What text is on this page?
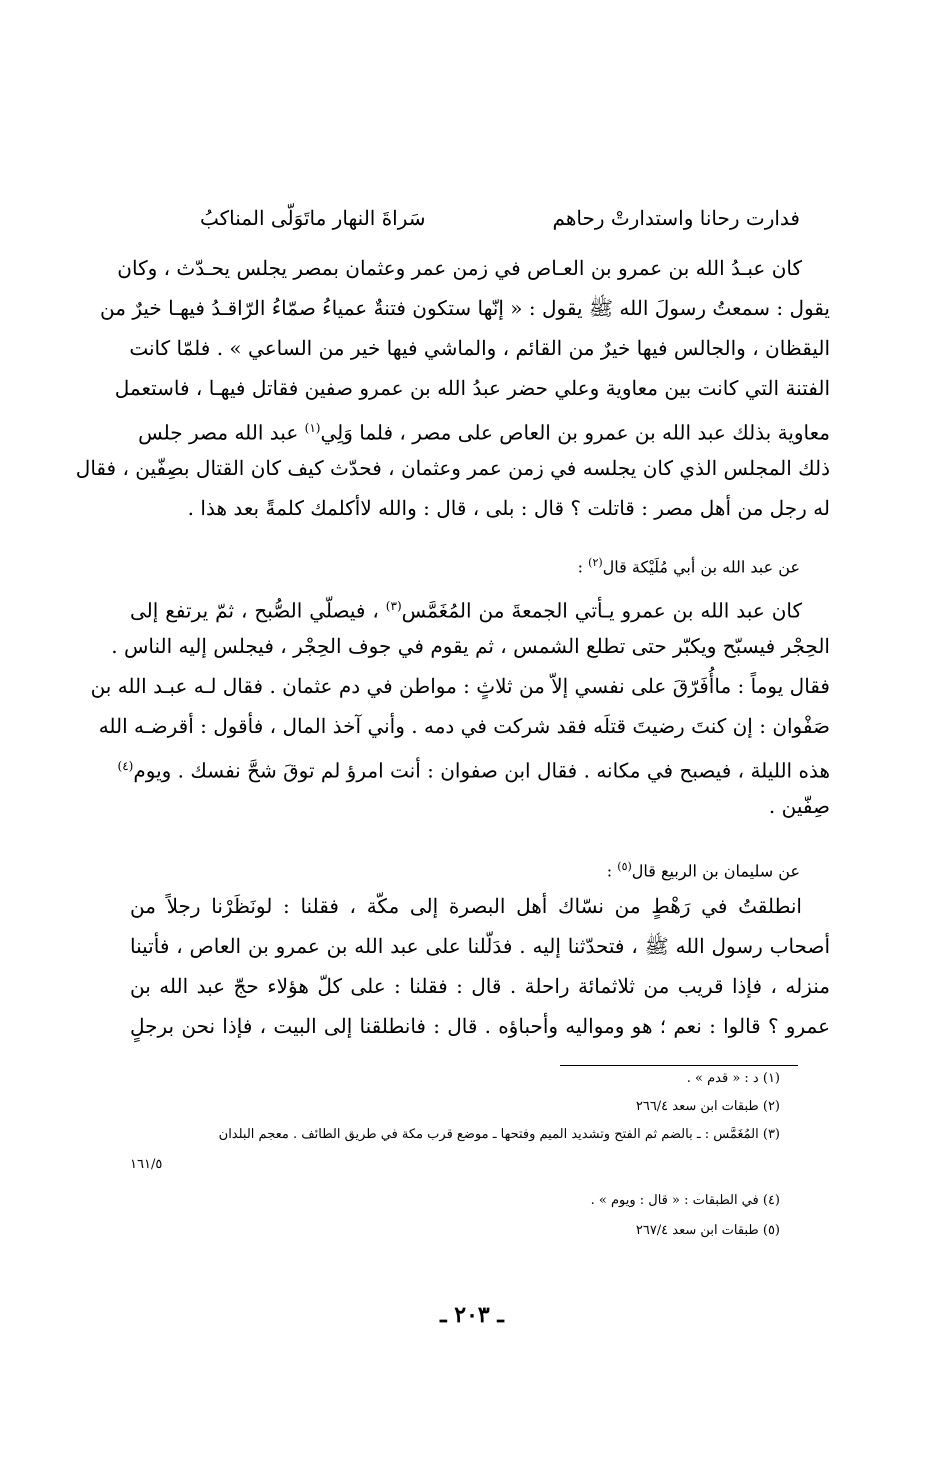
فدارت رحانا واستدارتْ رحاهم
سَراةَ النهار ماتَوَلّى المناكبُ
كان عبـدُ الله بن عمرو بن العـاص في زمن عمر وعثمان بمصر يجلس يحـدّث ، وكان
يقول : سمعتُ رسولَ الله ﷺ يقول : « إنّها ستكون فتنةٌ عمياءُ صمّاءُ الرّاقـدُ فيهـا خيرٌ من
اليقظان ، والجالس فيها خيرٌ من القائم ، والماشي فيها خير من الساعي » . فلمّا كانت
الفتنة التي كانت بين معاوية وعلي حضر عبدُ الله بن عمرو صفين فقاتل فيهـا ، فاستعمل
معاوية بذلك عبد الله بن عمرو بن العاص على مصر ، فلما وَلِي$^{(١)}$ عبد الله مصر جلس
ذلك المجلس الذي كان يجلسه في زمن عمر وعثمان ، فحدّث كيف كان القتال بصِفّين ، فقال
له رجل من أهل مصر : قاتلت ؟ قال : بلى ، قال : والله لاأكلمك كلمةً بعد هذا .
عن عبد الله بن أبي مُلَيْكة قال$^{(٢)}$ :
كان عبد الله بن عمرو يـأتي الجمعةَ من المُغَمَّس$^{(٣)}$ ، فيصلّي الصُّبح ، ثمّ يرتفع إلى
الحِجْر فيسبّح ويكبّر حتى تطلع الشمس ، ثم يقوم في جوف الحِجْر ، فيجلس إليه الناس .
فقال يوماً : ماأُفَرّقَ على نفسي إلاّ من ثلاثٍ : مواطن في دم عثمان . فقال لـه عبـد الله بن
صَفْوان : إن كنتَ رضيتَ قتلَه فقد شركت في دمه . وأني آخذ المال ، فأقول : أقرضـه الله
هذه الليلة ، فيصبح في مكانه . فقال ابن صفوان : أنت امرؤ لم توقَ شحَّ نفسك . ويوم$^{(٤)}$
صِفّين .
عن سليمان بن الربيع قال$^{(٥)}$ :
انطلقتُ في رَهْطٍ من نسّاك أهل البصرة إلى مكّة ، فقلنا : لونَظَرْنا رجلاً من
أصحاب رسول الله ﷺ ، فتحدّثنا إليه . فدَلّلنا على عبد الله بن عمرو بن العاص ، فأتينا
منزله ، فإذا قريب من ثلاثمائة راحلة . قال : فقلنا : على كلّ هؤلاء حجّ عبد الله بن
عمرو ؟ قالوا : نعم ؛ هو ومواليه وأحباؤه . قال : فانطلقنا إلى البيت ، فإذا نحن برجلٍ
(١) د : « قدم » .
(٢) طبقات ابن سعد ٢٦٦/٤
(٣) المُغَمَّس : ـ بالضم ثم الفتح وتشديد الميم وفتحها ـ موضع قرب مكة في طريق الطائف . معجم البلدان
١٦١/٥
(٤) في الطبقات : « قال : ويوم » .
(٥) طبقات ابن سعد ٢٦٧/٤
ـ ٢٠٣ ـ
